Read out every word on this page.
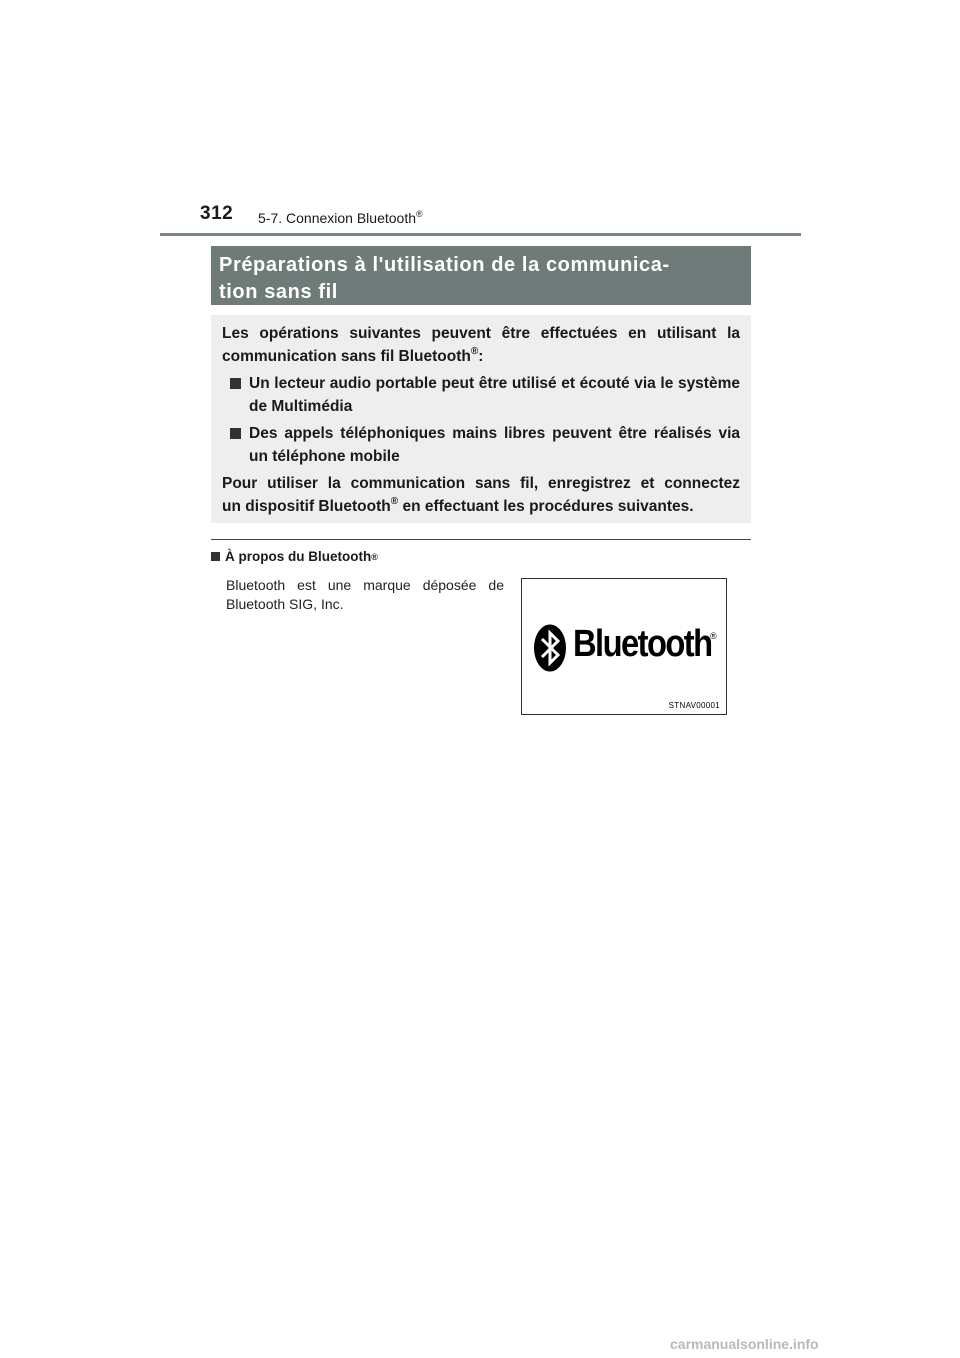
312 5-7. Connexion Bluetooth®
Préparations à l'utilisation de la communica-
tion sans fil

Les opérations suivantes peuvent être effectuées en utilisant la

communication sans fil Bluetooth®:

Un lecteur audio portable peut être utilisé et écouté via le système de Multimédia
Des appels téléphoniques mains libres peuvent être réalisés via un téléphone mobile

Pour utiliser la communication sans fil, enregistrez et connectez

un dispositif Bluetooth® en effectuant les procédures suivantes.

À propos du Bluetooth ®
Bluetooth est une marque déposée de
Bluetooth SIG, Inc.
Bluetooth
®
STNAV00001
carmanualsonline.info
